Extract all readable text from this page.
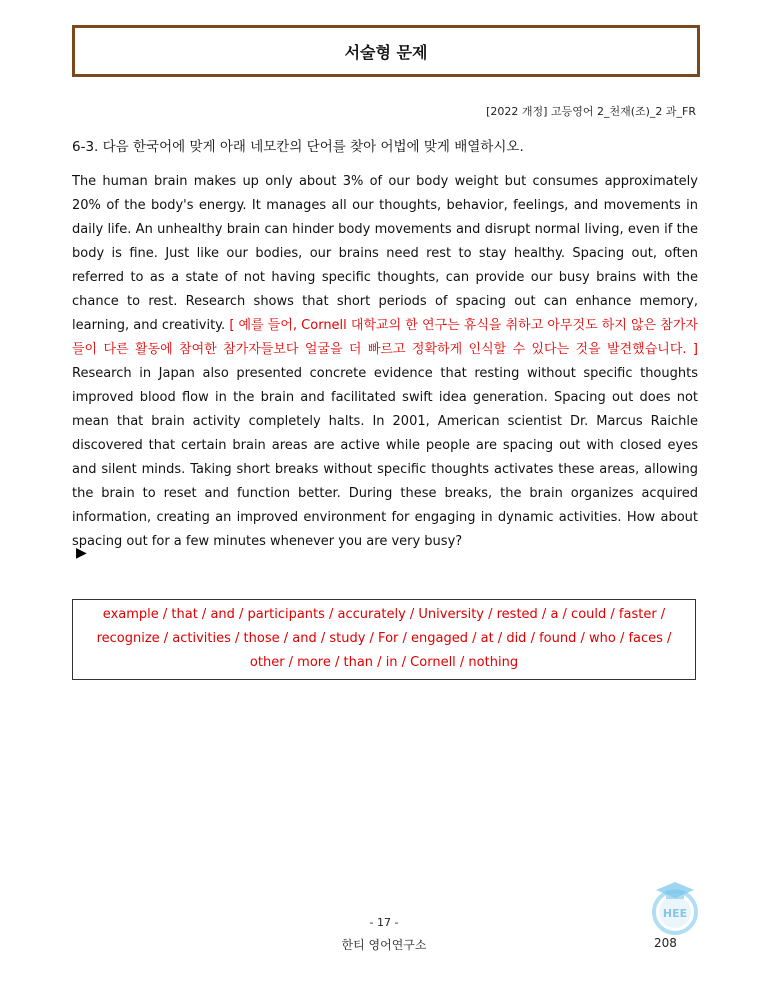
서술형 문제
[2022 개정] 고등영어 2_천재(조)_2 과_FR
6-3. 다음 한국어에 맞게 아래 네모칸의 단어를 찾아 어법에 맞게 배열하시오.
The human brain makes up only about 3% of our body weight but consumes approximately 20% of the body's energy. It manages all our thoughts, behavior, feelings, and movements in daily life. An unhealthy brain can hinder body movements and disrupt normal living, even if the body is fine. Just like our bodies, our brains need rest to stay healthy. Spacing out, often referred to as a state of not having specific thoughts, can provide our busy brains with the chance to rest. Research shows that short periods of spacing out can enhance memory, learning, and creativity. [ 예를 들어, Cornell 대학교의 한 연구는 휴식을 취하고 아무것도 하지 않은 참가자들이 다른 활동에 참여한 참가자들보다 얼굴을 더 빠르고 정확하게 인식할 수 있다는 것을 발견했습니다. ] Research in Japan also presented concrete evidence that resting without specific thoughts improved blood flow in the brain and facilitated swift idea generation. Spacing out does not mean that brain activity completely halts. In 2001, American scientist Dr. Marcus Raichle discovered that certain brain areas are active while people are spacing out with closed eyes and silent minds. Taking short breaks without specific thoughts activates these areas, allowing the brain to reset and function better. During these breaks, the brain organizes acquired information, creating an improved environment for engaging in dynamic activities. How about spacing out for a few minutes whenever you are very busy?
▶
example / that / and / participants / accurately / University / rested / a / could / faster / recognize / activities / those / and / study / For / engaged / at / did / found / who / faces / other / more / than / in / Cornell / nothing
- 17 -
한티 영어연구소
HEE
208
